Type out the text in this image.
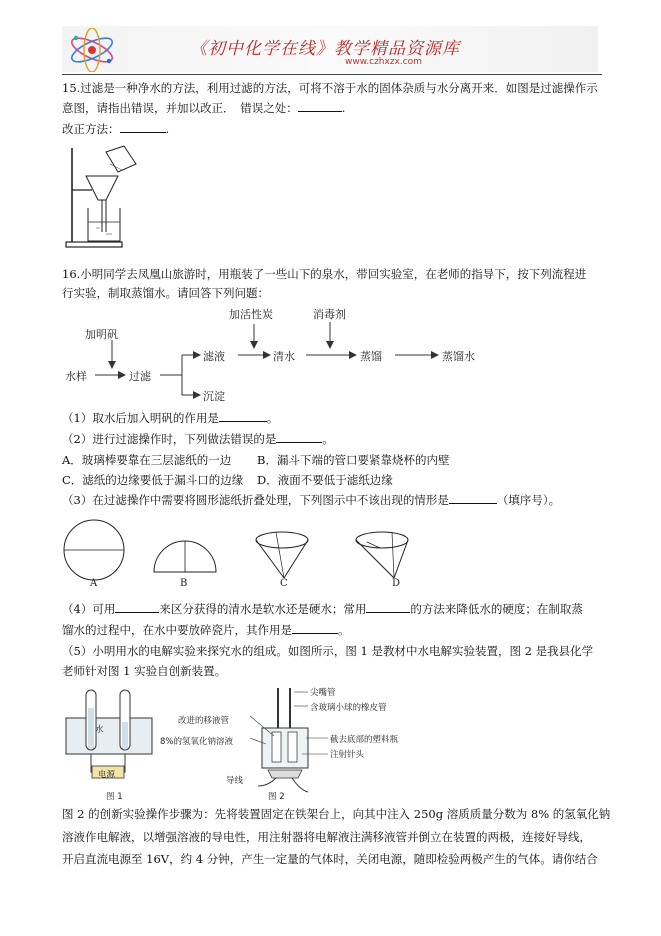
《初中化学在线》教学精品资源库
www.czhxzx.com
15.过滤是一种净水的方法，利用过滤的方法，可将不溶于水的固体杂质与水分离开来．如图是过滤操作示
意图，请指出错误，并加以改正．　错误之处：	.
改正方法：	.
16.小明同学去凤凰山旅游时，用瓶装了一些山下的泉水，带回实验室，在老师的指导下，按下列流程进
行实验，制取蒸馏水。请回答下列问题：
加明矾
加活性炭	消毒剂
水样	过滤
滤液	清水	蒸馏	蒸馏水
沉淀
（1）取水后加入明矾的作用是	。
（2）进行过滤操作时，下列做法错误的是	。
A．玻璃棒要靠在三层滤纸的一边 B．漏斗下端的管口要紧靠烧杯的内壁
C．滤纸的边缘要低于漏斗口的边缘 D．液面不要低于滤纸边缘
（3）在过滤操作中需要将圆形滤纸折叠处理，下列图示中不该出现的情形是	（填序号）。
A	B	C	D
（4）可用	来区分获得的清水是软水还是硬水；常用	的方法来降低水的硬度；在制取蒸
馏水的过程中，在水中要放碎瓷片，其作用是	。
（5）小明用水的电解实验来探究水的组成。如图所示，图 1 是教材中水电解实验装置，图 2 是我县化学
老师针对图 1 实验自创新装置。
水
电源
图 1
尖嘴管
含玻璃小球的橡皮管
改进的移液管
8%的氢氧化钠溶液	截去底部的塑料瓶
注射针头
导线
图 2
图 2 的创新实验操作步骤为：先将装置固定在铁架台上，向其中注入 250g 溶质质量分数为 8% 的氢氧化钠
溶液作电解液，以增强溶液的导电性，用注射器将电解液注满移液管并倒立在装置的两极，连接好导线，
开启直流电源至 16V，约 4 分钟，产生一定量的气体时，关闭电源，随即检验两极产生的气体。请你结合
